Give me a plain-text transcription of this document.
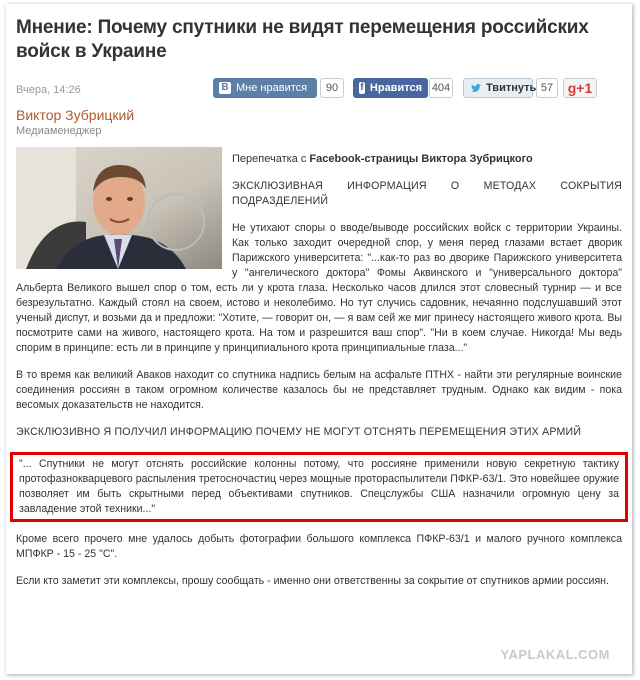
Мнение: Почему спутники не видят перемещения российских войск в Украине
Вчера, 14:26	В Мне нравится	90	f Нравится 404	Твитнуть 57	g+1
Виктор Зубрицкий
Медиаменеджер

Перепечатка с Facebook-страницы Виктора Зубрицкого

ЭКСКЛЮЗИВНАЯ ИНФОРМАЦИЯ О МЕТОДАХ СОКРЫТИЯ ПОДРАЗДЕЛЕНИЙ

Не утихают споры о вводе/выводе российских войск с территории Украины. Как только заходит очередной спор, у меня перед глазами встает дворик Парижского университета: "...как-то раз во дворике Парижского университета у "ангелического доктора" Фомы Аквинского и "универсального доктора" Альберта Великого вышел спор о том, есть ли у крота глаза. Несколько часов длился этот словесный турнир — и все безрезультатно. Каждый стоял на своем, истово и неколебимо. Но тут случись садовник, нечаянно подслушавший этот ученый диспут, и возьми да и предложи: "Хотите, — говорит он, — я вам сей же миг принесу настоящего живого крота. Вы посмотрите сами на живого, настоящего крота. На том и разрешится ваш спор". "Ни в коем случае. Никогда! Мы ведь спорим в принципе: есть ли в принципе у принципиального крота принципиальные глаза..."

В то время как великий Аваков находит со спутника надпись белым на асфальте ПТНХ - найти эти регулярные воинские соединения россиян в таком огромном количестве казалось бы не представляет трудным. Однако как видим - пока весомых доказательств не находится.

ЭКСКЛЮЗИВНО Я ПОЛУЧИЛ ИНФОРМАЦИЮ ПОЧЕМУ НЕ МОГУТ ОТСНЯТЬ ПЕРЕМЕЩЕНИЯ ЭТИХ АРМИЙ

"... Спутники не могут отснять российские колонны потому, что россияне применили новую секретную тактику протофазнокварцевого распыления третосночастиц через мощные протораспылители ПФКР-63/1. Это новейшее оружие позволяет им быть скрытными перед объективами спутников. Спецслужбы США назначили огромную цену за завладение этой техники..."

Кроме всего прочего мне удалось добыть фотографии большого комплекса ПФКР-63/1 и малого ручного комплекса МПФКР - 15 - 25 "С".

Если кто заметит эти комплексы, прошу сообщать - именно они ответственны за сокрытие от спутников армии россиян.

YAPLAKAL.COM
